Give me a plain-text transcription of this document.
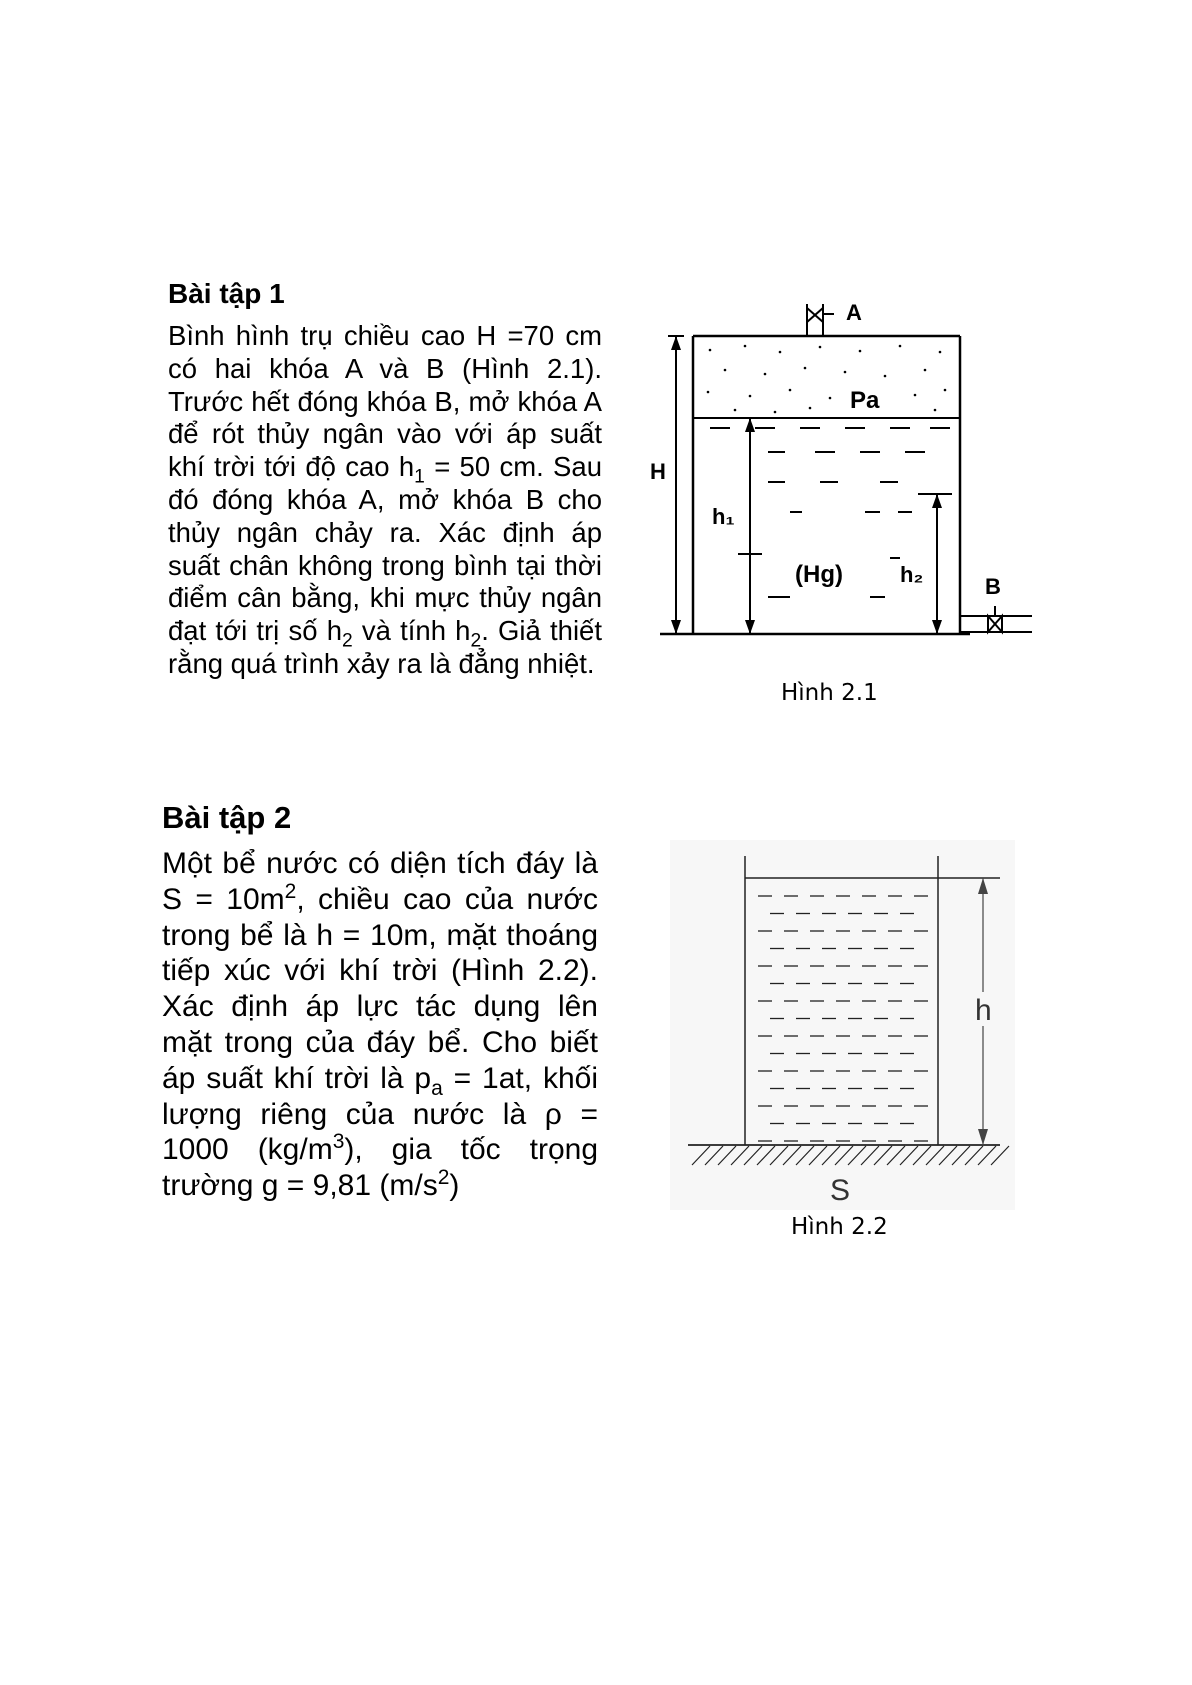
Bài tập 1

Bình hình trụ chiều cao H =70 cm có hai khóa A và B (Hình 2.1). Trước hết đóng khóa B, mở khóa A để rót thủy ngân vào với áp suất khí trời tới độ cao $h_1 = 50$ cm. Sau đó đóng khóa A, mở khóa B cho thủy ngân chảy ra. Xác định áp suất chân không trong bình tại thời điểm cân bằng, khi mực thủy ngân đạt tới trị số $h_2$ và tính $h_2$. Giả thiết rằng quá trình xảy ra là đẳng nhiệt.

H
h₁
h₂
Pa
(Hg)
A
B
Hình 2.1
Bài tập 2

Một bể nước có diện tích đáy là $S = 10m^2$, chiều cao của nước trong bể là h = 10m, mặt thoáng tiếp xúc với khí trời (Hình 2.2). Xác định áp lực tác dụng lên mặt trong của đáy bể. Cho biết áp suất khí trời là $p_a = 1at$, khối lượng riêng của nước là ρ = 1000 $(kg/m^3)$, gia tốc trọng trường g = 9,81 $(m/s^2)$

h
S
Hình 2.2
